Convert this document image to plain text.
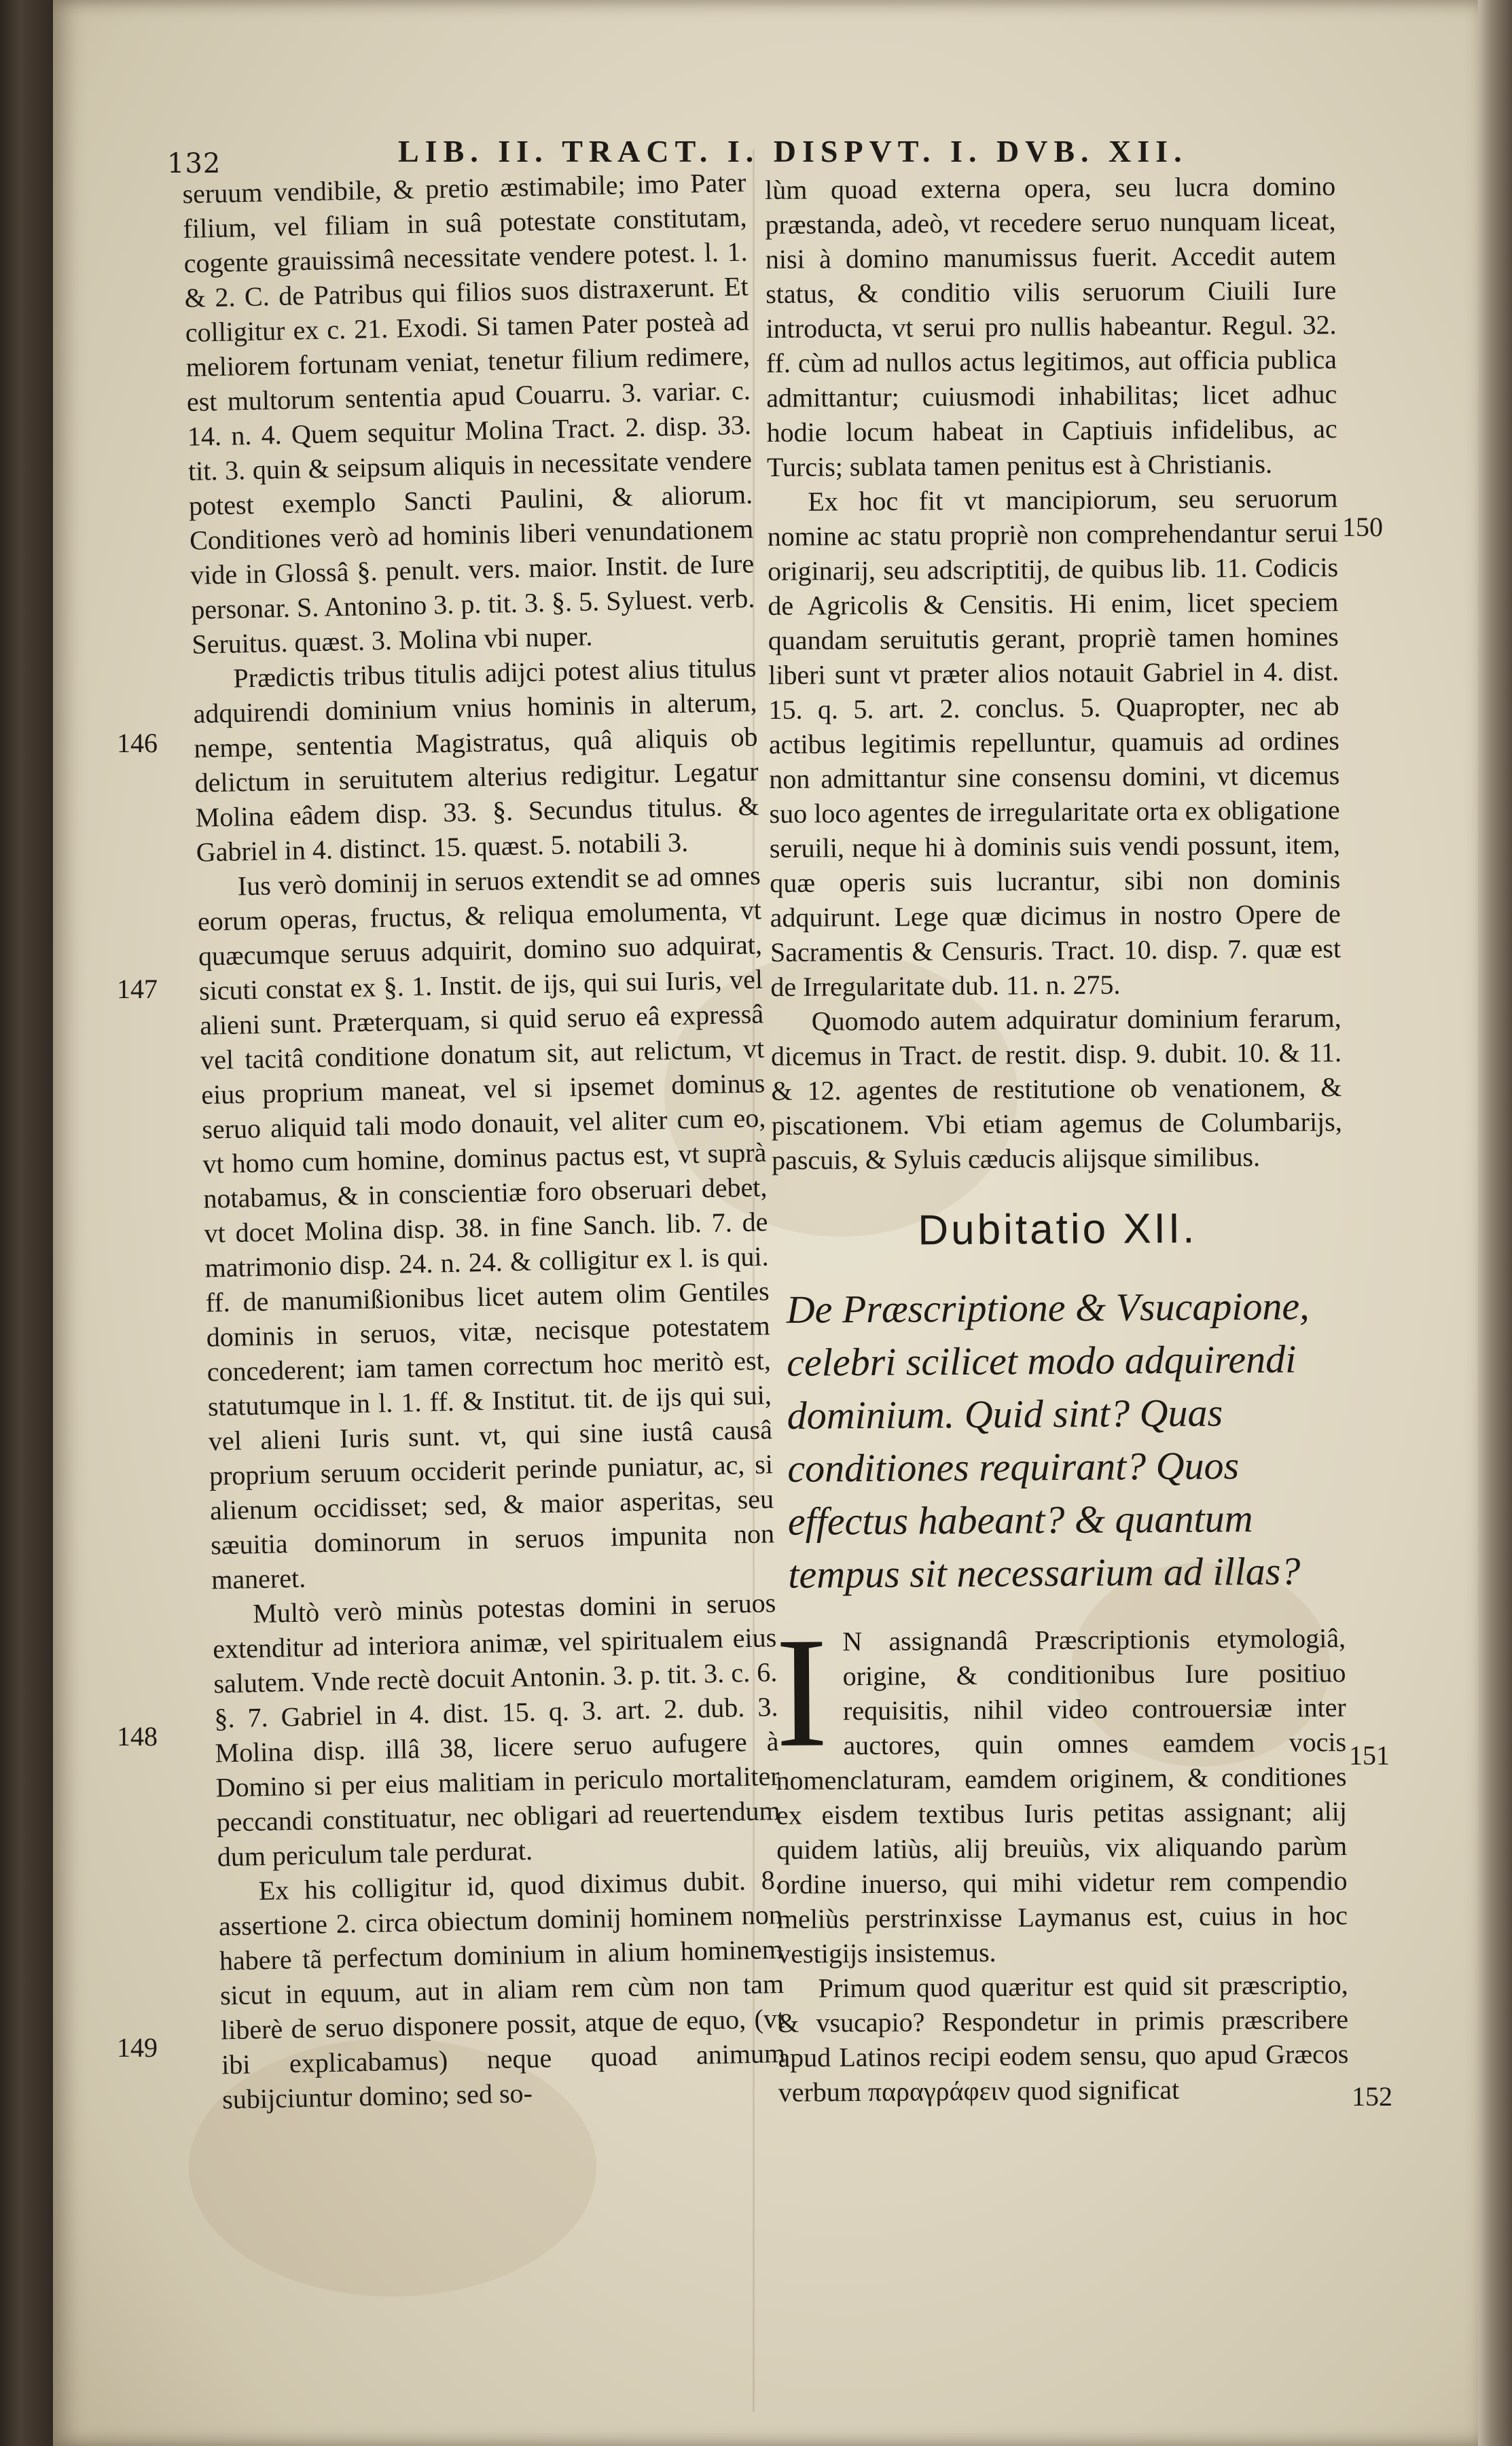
132	LIB. II. TRACT. I. DISPVT. I. DVB. XII.
146
147
148
149
150
151
152

seruum vendibile, & pretio æstimabile; imo Pater filium, vel filiam in suâ potestate constitutam, cogente grauissimâ necessitate vendere potest. l. 1. & 2. C. de Patribus qui filios suos distraxerunt. Et colligitur ex c. 21. Exodi. Si tamen Pater posteà ad meliorem fortunam veniat, tenetur filium redimere, est multorum sententia apud Couarru. 3. variar. c. 14. n. 4. Quem sequitur Molina Tract. 2. disp. 33. tit. 3. quin & seipsum aliquis in necessitate vendere potest exemplo Sancti Paulini, & aliorum. Conditiones verò ad hominis liberi venundationem vide in Glossâ §. penult. vers. maior. Instit. de Iure personar. S. Antonino 3. p. tit. 3. §. 5. Syluest. verb. Seruitus. quæst. 3. Molina vbi nuper.

Prædictis tribus titulis adijci potest alius titulus adquirendi dominium vnius hominis in alterum, nempe, sententia Magistratus, quâ aliquis ob delictum in seruitutem alterius redigitur. Legatur Molina eâdem disp. 33. §. Secundus titulus. & Gabriel in 4. distinct. 15. quæst. 5. notabili 3.

Ius verò dominij in seruos extendit se ad omnes eorum operas, fructus, & reliqua emolumenta, vt quæcumque seruus adquirit, domino suo adquirat, sicuti constat ex §. 1. Instit. de ijs, qui sui Iuris, vel alieni sunt. Præterquam, si quid seruo eâ expressâ vel tacitâ conditione donatum sit, aut relictum, vt eius proprium maneat, vel si ipsemet dominus seruo aliquid tali modo donauit, vel aliter cum eo, vt homo cum homine, dominus pactus est, vt suprà notabamus, & in conscientiæ foro obseruari debet, vt docet Molina disp. 38. in fine Sanch. lib. 7. de matrimonio disp. 24. n. 24. & colligitur ex l. is qui. ff. de manumißionibus licet autem olim Gentiles dominis in seruos, vitæ, necisque potestatem concederent; iam tamen correctum hoc meritò est, statutumque in l. 1. ff. & Institut. tit. de ijs qui sui, vel alieni Iuris sunt. vt, qui sine iustâ causâ proprium seruum occiderit perinde puniatur, ac, si alienum occidisset; sed, & maior asperitas, seu sæuitia dominorum in seruos impunita non maneret.

Multò verò minùs potestas domini in seruos extenditur ad interiora animæ, vel spiritualem eius salutem. Vnde rectè docuit Antonin. 3. p. tit. 3. c. 6. §. 7. Gabriel in 4. dist. 15. q. 3. art. 2. dub. 3. Molina disp. illâ 38, licere seruo aufugere à Domino si per eius malitiam in periculo mortaliter peccandi constituatur, nec obligari ad reuertendum dum periculum tale perdurat.

Ex his colligitur id, quod diximus dubit. 8. assertione 2. circa obiectum dominij hominem non habere tã perfectum dominium in alium hominem sicut in equum, aut in aliam rem cùm non tam liberè de seruo disponere possit, atque de equo, (vt ibi explicabamus) neque quoad animum subijciuntur domino; sed so-

lùm quoad externa opera, seu lucra domino præstanda, adeò, vt recedere seruo nunquam liceat, nisi à domino manumissus fuerit. Accedit autem status, & conditio vilis seruorum Ciuili Iure introducta, vt serui pro nullis habeantur. Regul. 32. ff. cùm ad nullos actus legitimos, aut officia publica admittantur; cuiusmodi inhabilitas; licet adhuc hodie locum habeat in Captiuis infidelibus, ac Turcis; sublata tamen penitus est à Christianis.

Ex hoc fit vt mancipiorum, seu seruorum nomine ac statu propriè non comprehendantur serui originarij, seu adscriptitij, de quibus lib. 11. Codicis de Agricolis & Censitis. Hi enim, licet speciem quandam seruitutis gerant, propriè tamen homines liberi sunt vt præter alios notauit Gabriel in 4. dist. 15. q. 5. art. 2. conclus. 5. Quapropter, nec ab actibus legitimis repelluntur, quamuis ad ordines non admittantur sine consensu domini, vt dicemus suo loco agentes de irregularitate orta ex obligatione seruili, neque hi à dominis suis vendi possunt, item, quæ operis suis lucrantur, sibi non dominis adquirunt. Lege quæ dicimus in nostro Opere de Sacramentis & Censuris. Tract. 10. disp. 7. quæ est de Irregularitate dub. 11. n. 275.

Quomodo autem adquiratur dominium ferarum, dicemus in Tract. de restit. disp. 9. dubit. 10. & 11. & 12. agentes de restitutione ob venationem, & piscationem. Vbi etiam agemus de Columbarijs, pascuis, & Syluis cæducis alijsque similibus.

Dubitatio XII.

De Præscriptione & Vsucapione, celebri scilicet modo adquirendi dominium. Quid sint? Quas conditiones requirant? Quos effectus habeant? & quantum tempus sit necessarium ad illas?

I N assignandâ Præscriptionis etymologiâ, origine, & conditionibus Iure positiuo requisitis, nihil video controuersiæ inter auctores, quin omnes eamdem vocis nomenclaturam, eamdem originem, & conditiones ex eisdem textibus Iuris petitas assignant; alij quidem latiùs, alij breuiùs, vix aliquando parùm ordine inuerso, qui mihi videtur rem compendio meliùs perstrinxisse Laymanus est, cuius in hoc vestigijs insistemus.

Primum quod quæritur est quid sit præscriptio, & vsucapio? Respondetur in primis præscribere apud Latinos recipi eodem sensu, quo apud Græcos verbum παραγράφειν quod significat
